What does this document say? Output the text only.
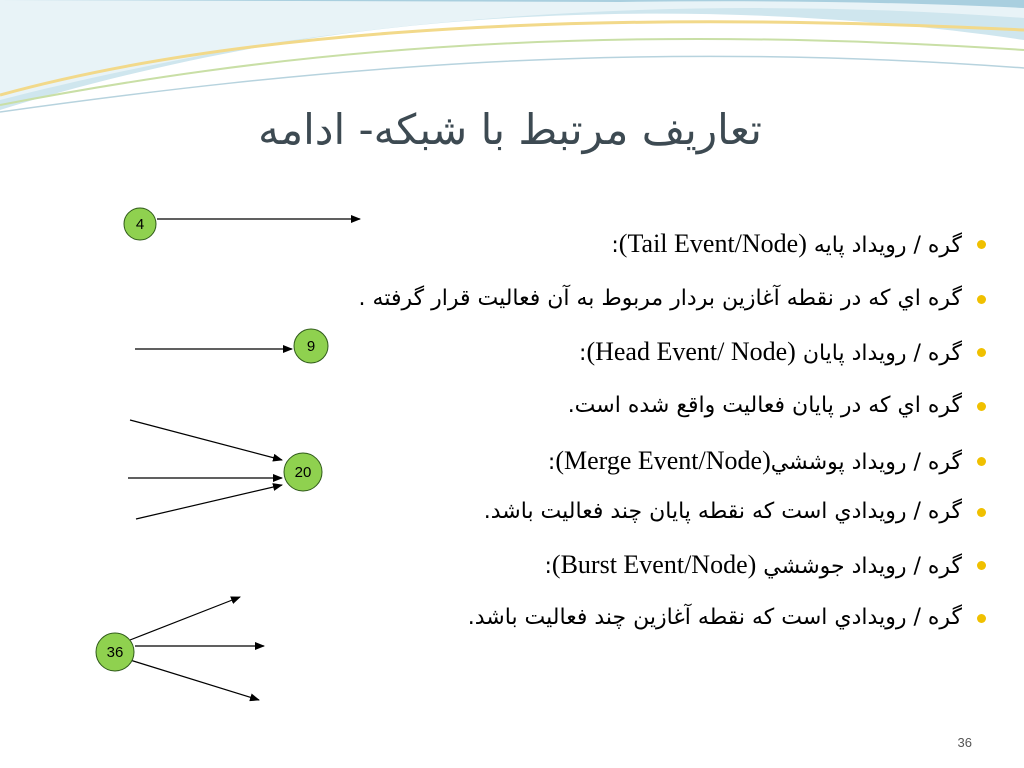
تعاريف مرتبط با شبکه- ادامه
گره / رويداد پايه (Tail Event/Node):
گره اي که در نقطه آغازين بردار مربوط به آن فعاليت قرار گرفته .
گره / رويداد پايان (Head Event/ Node):
گره اي که در پايان فعاليت واقع شده است.
گره / رويداد پوششي(Merge Event/Node):
گره / رويدادي است که نقطه پايان چند فعاليت باشد.
گره / رويداد جوششي (Burst Event/Node):
گره / رويدادي است که نقطه آغازين چند فعاليت باشد.
4
9
20
36
36
